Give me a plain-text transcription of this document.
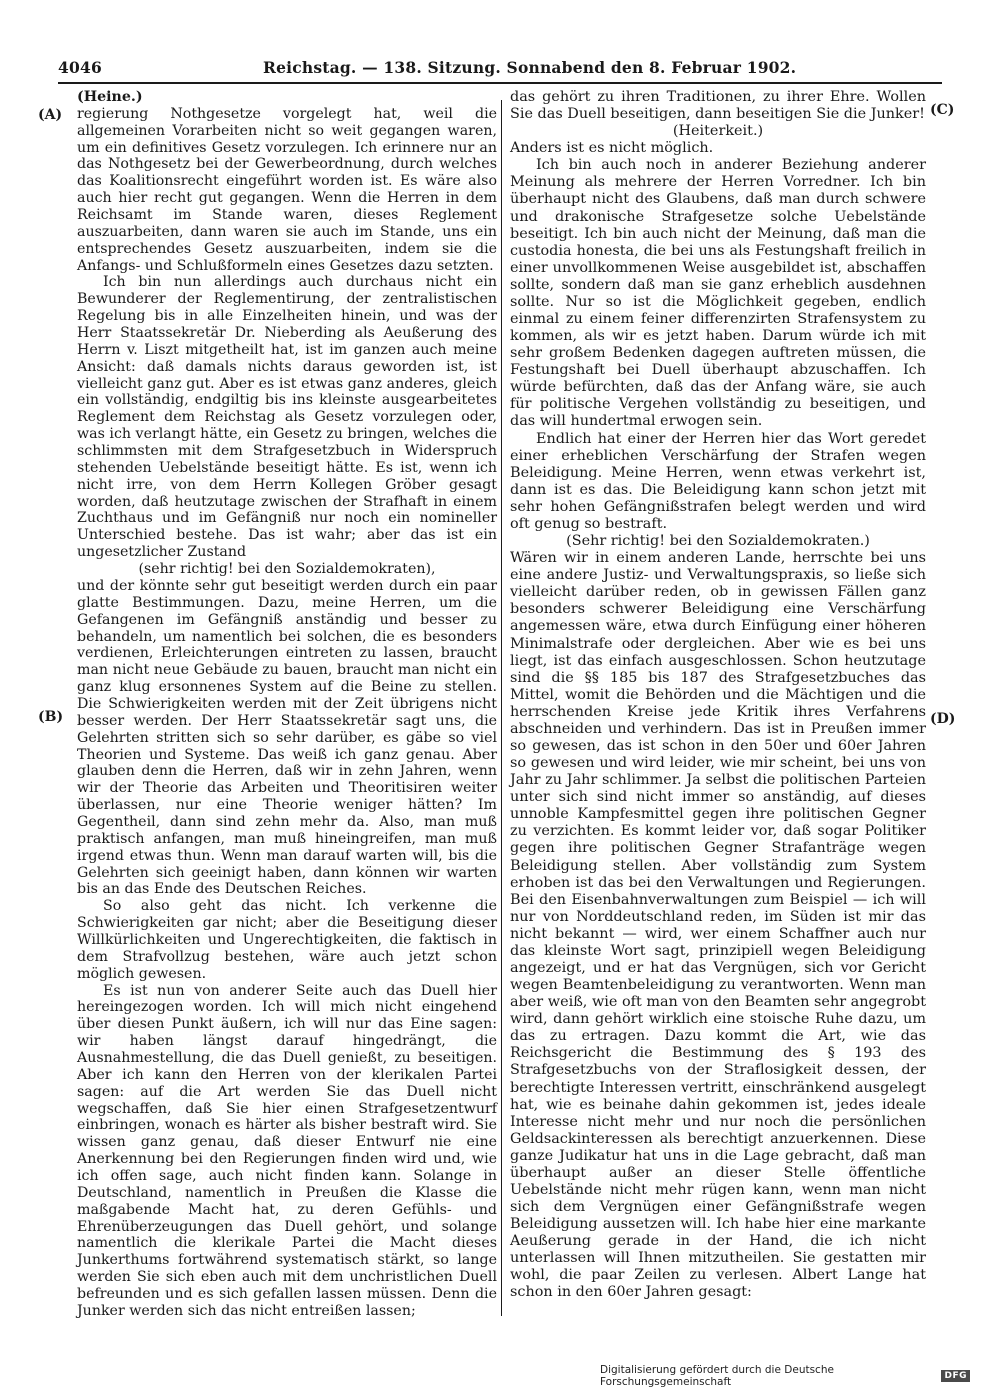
4046	Reichstag. — 138. Sitzung. Sonnabend den 8. Februar 1902.
(A)
(B)
(C)
(D)

(Heine.)

regierung Nothgesetze vorgelegt hat, weil die allgemeinen Vorarbeiten nicht so weit gegangen waren, um ein definitives Gesetz vorzulegen. Ich erinnere nur an das Nothgesetz bei der Gewerbeordnung, durch welches das Koalitionsrecht eingeführt worden ist. Es wäre also auch hier recht gut gegangen. Wenn die Herren in dem Reichsamt im Stande waren, dieses Reglement auszuarbeiten, dann waren sie auch im Stande, uns ein entsprechendes Gesetz auszuarbeiten, indem sie die Anfangs- und Schlußformeln eines Gesetzes dazu setzten.

Ich bin nun allerdings auch durchaus nicht ein Bewunderer der Reglementirung, der zentralistischen Regelung bis in alle Einzelheiten hinein, und was der Herr Staatssekretär Dr. Nieberding als Aeußerung des Herrn v. Liszt mitgetheilt hat, ist im ganzen auch meine Ansicht: daß damals nichts daraus geworden ist, ist vielleicht ganz gut. Aber es ist etwas ganz anderes, gleich ein vollständig, endgiltig bis ins kleinste ausgearbeitetes Reglement dem Reichstag als Gesetz vorzulegen oder, was ich verlangt hätte, ein Gesetz zu bringen, welches die schlimmsten mit dem Strafgesetzbuch in Widerspruch stehenden Uebelstände beseitigt hätte. Es ist, wenn ich nicht irre, von dem Herrn Kollegen Gröber gesagt worden, daß heutzutage zwischen der Strafhaft in einem Zuchthaus und im Gefängniß nur noch ein nomineller Unterschied bestehe. Das ist wahr; aber das ist ein ungesetzlicher Zustand

(sehr richtig! bei den Sozialdemokraten),

und der könnte sehr gut beseitigt werden durch ein paar glatte Bestimmungen. Dazu, meine Herren, um die Gefangenen im Gefängniß anständig und besser zu behandeln, um namentlich bei solchen, die es besonders verdienen, Erleichterungen eintreten zu lassen, braucht man nicht neue Gebäude zu bauen, braucht man nicht ein ganz klug ersonnenes System auf die Beine zu stellen. Die Schwierigkeiten werden mit der Zeit übrigens nicht besser werden. Der Herr Staatssekretär sagt uns, die Gelehrten stritten sich so sehr darüber, es gäbe so viel Theorien und Systeme. Das weiß ich ganz genau. Aber glauben denn die Herren, daß wir in zehn Jahren, wenn wir der Theorie das Arbeiten und Theoritisiren weiter überlassen, nur eine Theorie weniger hätten? Im Gegentheil, dann sind zehn mehr da. Also, man muß praktisch anfangen, man muß hineingreifen, man muß irgend etwas thun. Wenn man darauf warten will, bis die Gelehrten sich geeinigt haben, dann können wir warten bis an das Ende des Deutschen Reiches.

So also geht das nicht. Ich verkenne die Schwierigkeiten gar nicht; aber die Beseitigung dieser Willkürlichkeiten und Ungerechtigkeiten, die faktisch in dem Strafvollzug bestehen, wäre auch jetzt schon möglich gewesen.

Es ist nun von anderer Seite auch das Duell hier hereingezogen worden. Ich will mich nicht eingehend über diesen Punkt äußern, ich will nur das Eine sagen: wir haben längst darauf hingedrängt, die Ausnahmestellung, die das Duell genießt, zu beseitigen. Aber ich kann den Herren von der klerikalen Partei sagen: auf die Art werden Sie das Duell nicht wegschaffen, daß Sie hier einen Strafgesetzentwurf einbringen, wonach es härter als bisher bestraft wird. Sie wissen ganz genau, daß dieser Entwurf nie eine Anerkennung bei den Regierungen finden wird und, wie ich offen sage, auch nicht finden kann. Solange in Deutschland, namentlich in Preußen die Klasse die maßgabende Macht hat, zu deren Gefühls- und Ehrenüberzeugungen das Duell gehört, und solange namentlich die klerikale Partei die Macht dieses Junkerthums fortwährend systematisch stärkt, so lange werden Sie sich eben auch mit dem unchristlichen Duell befreunden und es sich gefallen lassen müssen. Denn die Junker werden sich das nicht entreißen lassen;

das gehört zu ihren Traditionen, zu ihrer Ehre. Wollen Sie das Duell beseitigen, dann beseitigen Sie die Junker!

(Heiterkeit.)

Anders ist es nicht möglich.

Ich bin auch noch in anderer Beziehung anderer Meinung als mehrere der Herren Vorredner. Ich bin überhaupt nicht des Glaubens, daß man durch schwere und drakonische Strafgesetze solche Uebelstände beseitigt. Ich bin auch nicht der Meinung, daß man die custodia honesta, die bei uns als Festungshaft freilich in einer unvollkommenen Weise ausgebildet ist, abschaffen sollte, sondern daß man sie ganz erheblich ausdehnen sollte. Nur so ist die Möglichkeit gegeben, endlich einmal zu einem feiner differenzirten Strafensystem zu kommen, als wir es jetzt haben. Darum würde ich mit sehr großem Bedenken dagegen auftreten müssen, die Festungshaft bei Duell überhaupt abzuschaffen. Ich würde befürchten, daß das der Anfang wäre, sie auch für politische Vergehen vollständig zu beseitigen, und das will hundertmal erwogen sein.

Endlich hat einer der Herren hier das Wort geredet einer erheblichen Verschärfung der Strafen wegen Beleidigung. Meine Herren, wenn etwas verkehrt ist, dann ist es das. Die Beleidigung kann schon jetzt mit sehr hohen Gefängnißstrafen belegt werden und wird oft genug so bestraft.

(Sehr richtig! bei den Sozialdemokraten.)

Wären wir in einem anderen Lande, herrschte bei uns eine andere Justiz- und Verwaltungspraxis, so ließe sich vielleicht darüber reden, ob in gewissen Fällen ganz besonders schwerer Beleidigung eine Verschärfung angemessen wäre, etwa durch Einfügung einer höheren Minimalstrafe oder dergleichen. Aber wie es bei uns liegt, ist das einfach ausgeschlossen. Schon heutzutage sind die §§ 185 bis 187 des Strafgesetzbuches das Mittel, womit die Behörden und die Mächtigen und die herrschenden Kreise jede Kritik ihres Verfahrens abschneiden und verhindern. Das ist in Preußen immer so gewesen, das ist schon in den 50er und 60er Jahren so gewesen und wird leider, wie mir scheint, bei uns von Jahr zu Jahr schlimmer. Ja selbst die politischen Parteien unter sich sind nicht immer so anständig, auf dieses unnoble Kampfesmittel gegen ihre politischen Gegner zu verzichten. Es kommt leider vor, daß sogar Politiker gegen ihre politischen Gegner Strafanträge wegen Beleidigung stellen. Aber vollständig zum System erhoben ist das bei den Verwaltungen und Regierungen. Bei den Eisenbahnverwaltungen zum Beispiel — ich will nur von Norddeutschland reden, im Süden ist mir das nicht bekannt — wird, wer einem Schaffner auch nur das kleinste Wort sagt, prinzipiell wegen Beleidigung angezeigt, und er hat das Vergnügen, sich vor Gericht wegen Beamtenbeleidigung zu verantworten. Wenn man aber weiß, wie oft man von den Beamten sehr angegrobt wird, dann gehört wirklich eine stoische Ruhe dazu, um das zu ertragen. Dazu kommt die Art, wie das Reichsgericht die Bestimmung des § 193 des Strafgesetzbuchs von der Straflosigkeit dessen, der berechtigte Interessen vertritt, einschränkend ausgelegt hat, wie es beinahe dahin gekommen ist, jedes ideale Interesse nicht mehr und nur noch die persönlichen Geldsackinteressen als berechtigt anzuerkennen. Diese ganze Judikatur hat uns in die Lage gebracht, daß man überhaupt außer an dieser Stelle öffentliche Uebelstände nicht mehr rügen kann, wenn man nicht sich dem Vergnügen einer Gefängnißstrafe wegen Beleidigung aussetzen will. Ich habe hier eine markante Aeußerung gerade in der Hand, die ich nicht unterlassen will Ihnen mitzutheilen. Sie gestatten mir wohl, die paar Zeilen zu verlesen. Albert Lange hat schon in den 60er Jahren gesagt:

Digitalisierung gefördert durch die Deutsche Forschungsgemeinschaft	DFG
